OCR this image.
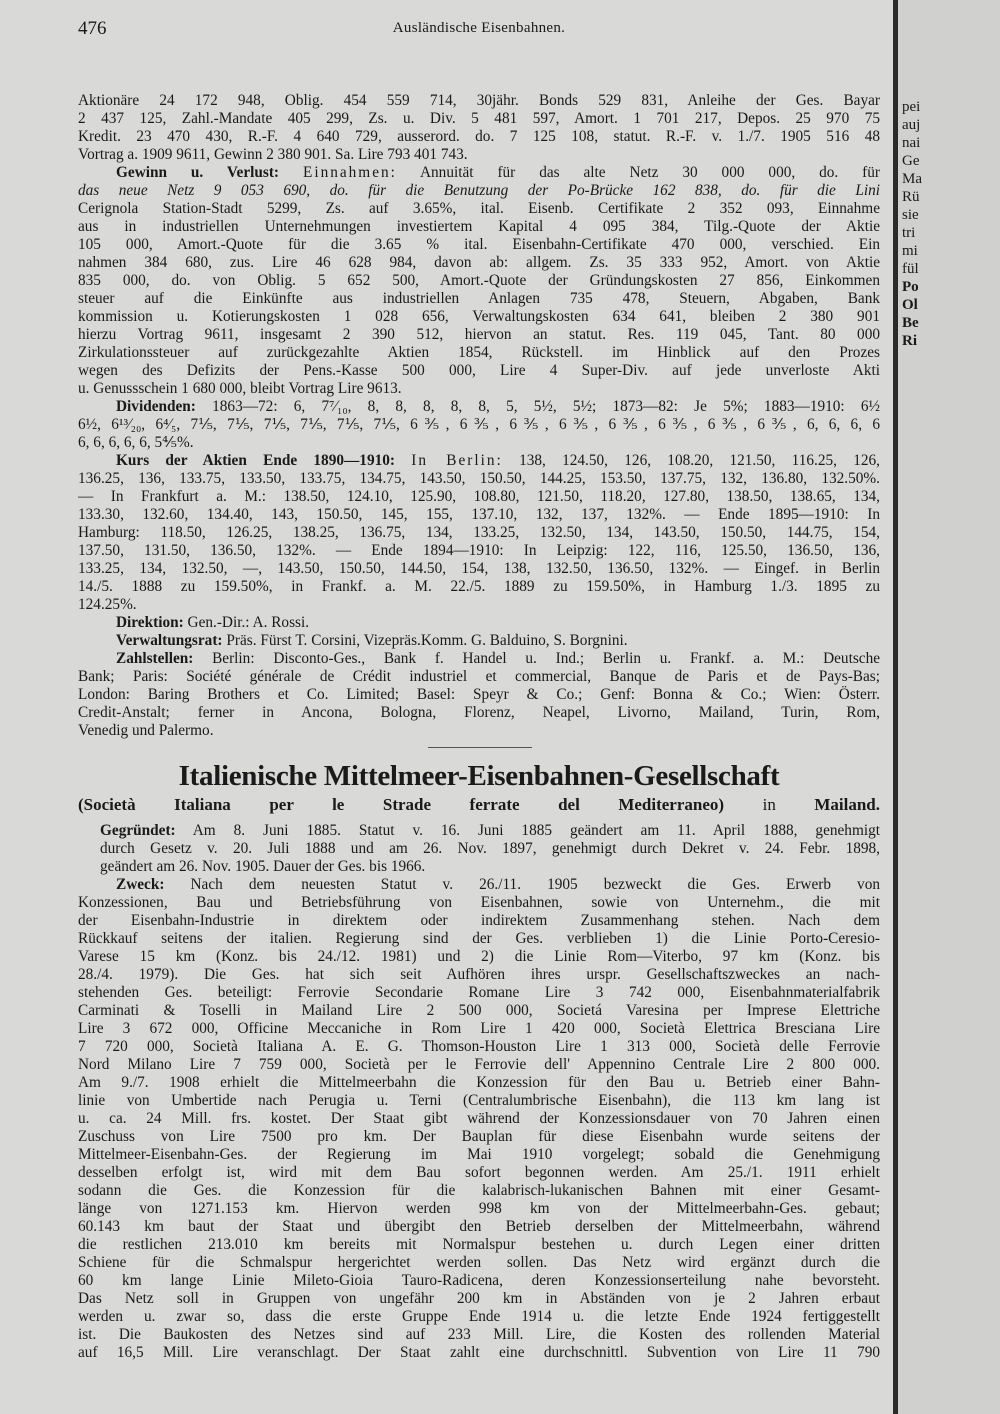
476	Ausländische Eisenbahnen.
Aktionäre 24 172 948, Oblig. 454 559 714, 30jähr. Bonds 529 831, Anleihe der Ges. Bayar
2 437 125, Zahl.-Mandate 405 299, Zs. u. Div. 5 481 597, Amort. 1 701 217, Depos. 25 970 75
Kredit. 23 470 430, R.-F. 4 640 729, ausserord. do. 7 125 108, statut. R.-F. v. 1./7. 1905 516 48
Vortrag a. 1909 9611, Gewinn 2 380 901. Sa. Lire 793 401 743.
Gewinn u. Verlust: Einnahmen: Annuität für das alte Netz 30 000 000, do. für
das neue Netz 9 053 690, do. für die Benutzung der Po-Brücke 162 838, do. für die Lini
Cerignola Station-Stadt 5299, Zs. auf 3.65%, ital. Eisenb. Certifikate 2 352 093, Einnahme
aus in industriellen Unternehmungen investiertem Kapital 4 095 384, Tilg.-Quote der Aktie
105 000, Amort.-Quote für die 3.65 % ital. Eisenbahn-Certifikate 470 000, verschied. Ein
nahmen 384 680, zus. Lire 46 628 984, davon ab: allgem. Zs. 35 333 952, Amort. von Aktie
835 000, do. von Oblig. 5 652 500, Amort.-Quote der Gründungskosten 27 856, Einkommen
steuer auf die Einkünfte aus industriellen Anlagen 735 478, Steuern, Abgaben, Bank
kommission u. Kotierungskosten 1 028 656, Verwaltungskosten 634 641, bleiben 2 380 901
hierzu Vortrag 9611, insgesamt 2 390 512, hiervon an statut. Res. 119 045, Tant. 80 000
Zirkulationssteuer auf zurückgezahlte Aktien 1854, Rückstell. im Hinblick auf den Prozes
wegen des Defizits der Pens.-Kasse 500 000, Lire 4 Super-Div. auf jede unverloste Akti
u. Genussschein 1 680 000, bleibt Vortrag Lire 9613.
Dividenden: 1863—72: 6, 7⁷⁄₁₀, 8, 8, 8, 8, 8, 5, 5½, 5½; 1873—82: Je 5%; 1883—1910: 6½
6½, 6¹³⁄₂₀, 6⁴⁄₅, 7⅕, 7⅕, 7⅕, 7⅕, 7⅕, 7⅕, 6⅗, 6⅗, 6⅗, 6⅗, 6⅗, 6⅗, 6⅗, 6⅗, 6, 6, 6, 6
6, 6, 6, 6, 6, 5⅘%.
Kurs der Aktien Ende 1890—1910: In Berlin: 138, 124.50, 126, 108.20, 121.50, 116.25, 126,
136.25, 136, 133.75, 133.50, 133.75, 134.75, 143.50, 150.50, 144.25, 153.50, 137.75, 132, 136.80, 132.50%.
— In Frankfurt a. M.: 138.50, 124.10, 125.90, 108.80, 121.50, 118.20, 127.80, 138.50, 138.65, 134,
133.30, 132.60, 134.40, 143, 150.50, 145, 155, 137.10, 132, 137, 132%. — Ende 1895—1910: In
Hamburg: 118.50, 126.25, 138.25, 136.75, 134, 133.25, 132.50, 134, 143.50, 150.50, 144.75, 154,
137.50, 131.50, 136.50, 132%. — Ende 1894—1910: In Leipzig: 122, 116, 125.50, 136.50, 136,
133.25, 134, 132.50, —, 143.50, 150.50, 144.50, 154, 138, 132.50, 136.50, 132%. — Eingef. in Berlin
14./5. 1888 zu 159.50%, in Frankf. a. M. 22./5. 1889 zu 159.50%, in Hamburg 1./3. 1895 zu
124.25%.
Direktion: Gen.-Dir.: A. Rossi.
Verwaltungsrat: Präs. Fürst T. Corsini, Vizepräs.Komm. G. Balduino, S. Borgnini.
Zahlstellen: Berlin: Disconto-Ges., Bank f. Handel u. Ind.; Berlin u. Frankf. a. M.: Deutsche
Bank; Paris: Société générale de Crédit industriel et commercial, Banque de Paris et de Pays-Bas;
London: Baring Brothers et Co. Limited; Basel: Speyr & Co.; Genf: Bonna & Co.; Wien: Österr.
Credit-Anstalt; ferner in Ancona, Bologna, Florenz, Neapel, Livorno, Mailand, Turin, Rom,
Venedig und Palermo.
Italienische Mittelmeer-Eisenbahnen-Gesellschaft
(Società Italiana per le Strade ferrate del Mediterraneo) in Mailand.
Gegründet: Am 8. Juni 1885. Statut v. 16. Juni 1885 geändert am 11. April 1888, genehmigt
durch Gesetz v. 20. Juli 1888 und am 26. Nov. 1897, genehmigt durch Dekret v. 24. Febr. 1898,
geändert am 26. Nov. 1905. Dauer der Ges. bis 1966.
Zweck: Nach dem neuesten Statut v. 26./11. 1905 bezweckt die Ges. Erwerb von
Konzessionen, Bau und Betriebsführung von Eisenbahnen, sowie von Unternehm., die mit
der Eisenbahn-Industrie in direktem oder indirektem Zusammenhang stehen. Nach dem
Rückkauf seitens der italien. Regierung sind der Ges. verblieben 1) die Linie Porto-Ceresio-
Varese 15 km (Konz. bis 24./12. 1981) und 2) die Linie Rom—Viterbo, 97 km (Konz. bis
28./4. 1979). Die Ges. hat sich seit Aufhören ihres urspr. Gesellschaftszweckes an nach-
stehenden Ges. beteiligt: Ferrovie Secondarie Romane Lire 3 742 000, Eisenbahnmaterialfabrik
Carminati & Toselli in Mailand Lire 2 500 000, Societá Varesina per Imprese Elettriche
Lire 3 672 000, Officine Meccaniche in Rom Lire 1 420 000, Società Elettrica Bresciana Lire
7 720 000, Società Italiana A. E. G. Thomson-Houston Lire 1 313 000, Società delle Ferrovie
Nord Milano Lire 7 759 000, Società per le Ferrovie dell' Appennino Centrale Lire 2 800 000.
Am 9./7. 1908 erhielt die Mittelmeerbahn die Konzession für den Bau u. Betrieb einer Bahn-
linie von Umbertide nach Perugia u. Terni (Centralumbrische Eisenbahn), die 113 km lang ist
u. ca. 24 Mill. frs. kostet. Der Staat gibt während der Konzessionsdauer von 70 Jahren einen
Zuschuss von Lire 7500 pro km. Der Bauplan für diese Eisenbahn wurde seitens der
Mittelmeer-Eisenbahn-Ges. der Regierung im Mai 1910 vorgelegt; sobald die Genehmigung
desselben erfolgt ist, wird mit dem Bau sofort begonnen werden. Am 25./1. 1911 erhielt
sodann die Ges. die Konzession für die kalabrisch-lukanischen Bahnen mit einer Gesamt-
länge von 1271.153 km. Hiervon werden 998 km von der Mittelmeerbahn-Ges. gebaut;
60.143 km baut der Staat und übergibt den Betrieb derselben der Mittelmeerbahn, während
die restlichen 213.010 km bereits mit Normalspur bestehen u. durch Legen einer dritten
Schiene für die Schmalspur hergerichtet werden sollen. Das Netz wird ergänzt durch die
60 km lange Linie Mileto-Gioia Tauro-Radicena, deren Konzessionserteilung nahe bevorsteht.
Das Netz soll in Gruppen von ungefähr 200 km in Abständen von je 2 Jahren erbaut
werden u. zwar so, dass die erste Gruppe Ende 1914 u. die letzte Ende 1924 fertiggestellt
ist. Die Baukosten des Netzes sind auf 233 Mill. Lire, die Kosten des rollenden Material
auf 16,5 Mill. Lire veranschlagt. Der Staat zahlt eine durchschnittl. Subvention von Lire 11 790
pei
auj
nai
Ge
Ma
Rü
sie
tri
mi
fül
Po
Ol
Be
Ri
